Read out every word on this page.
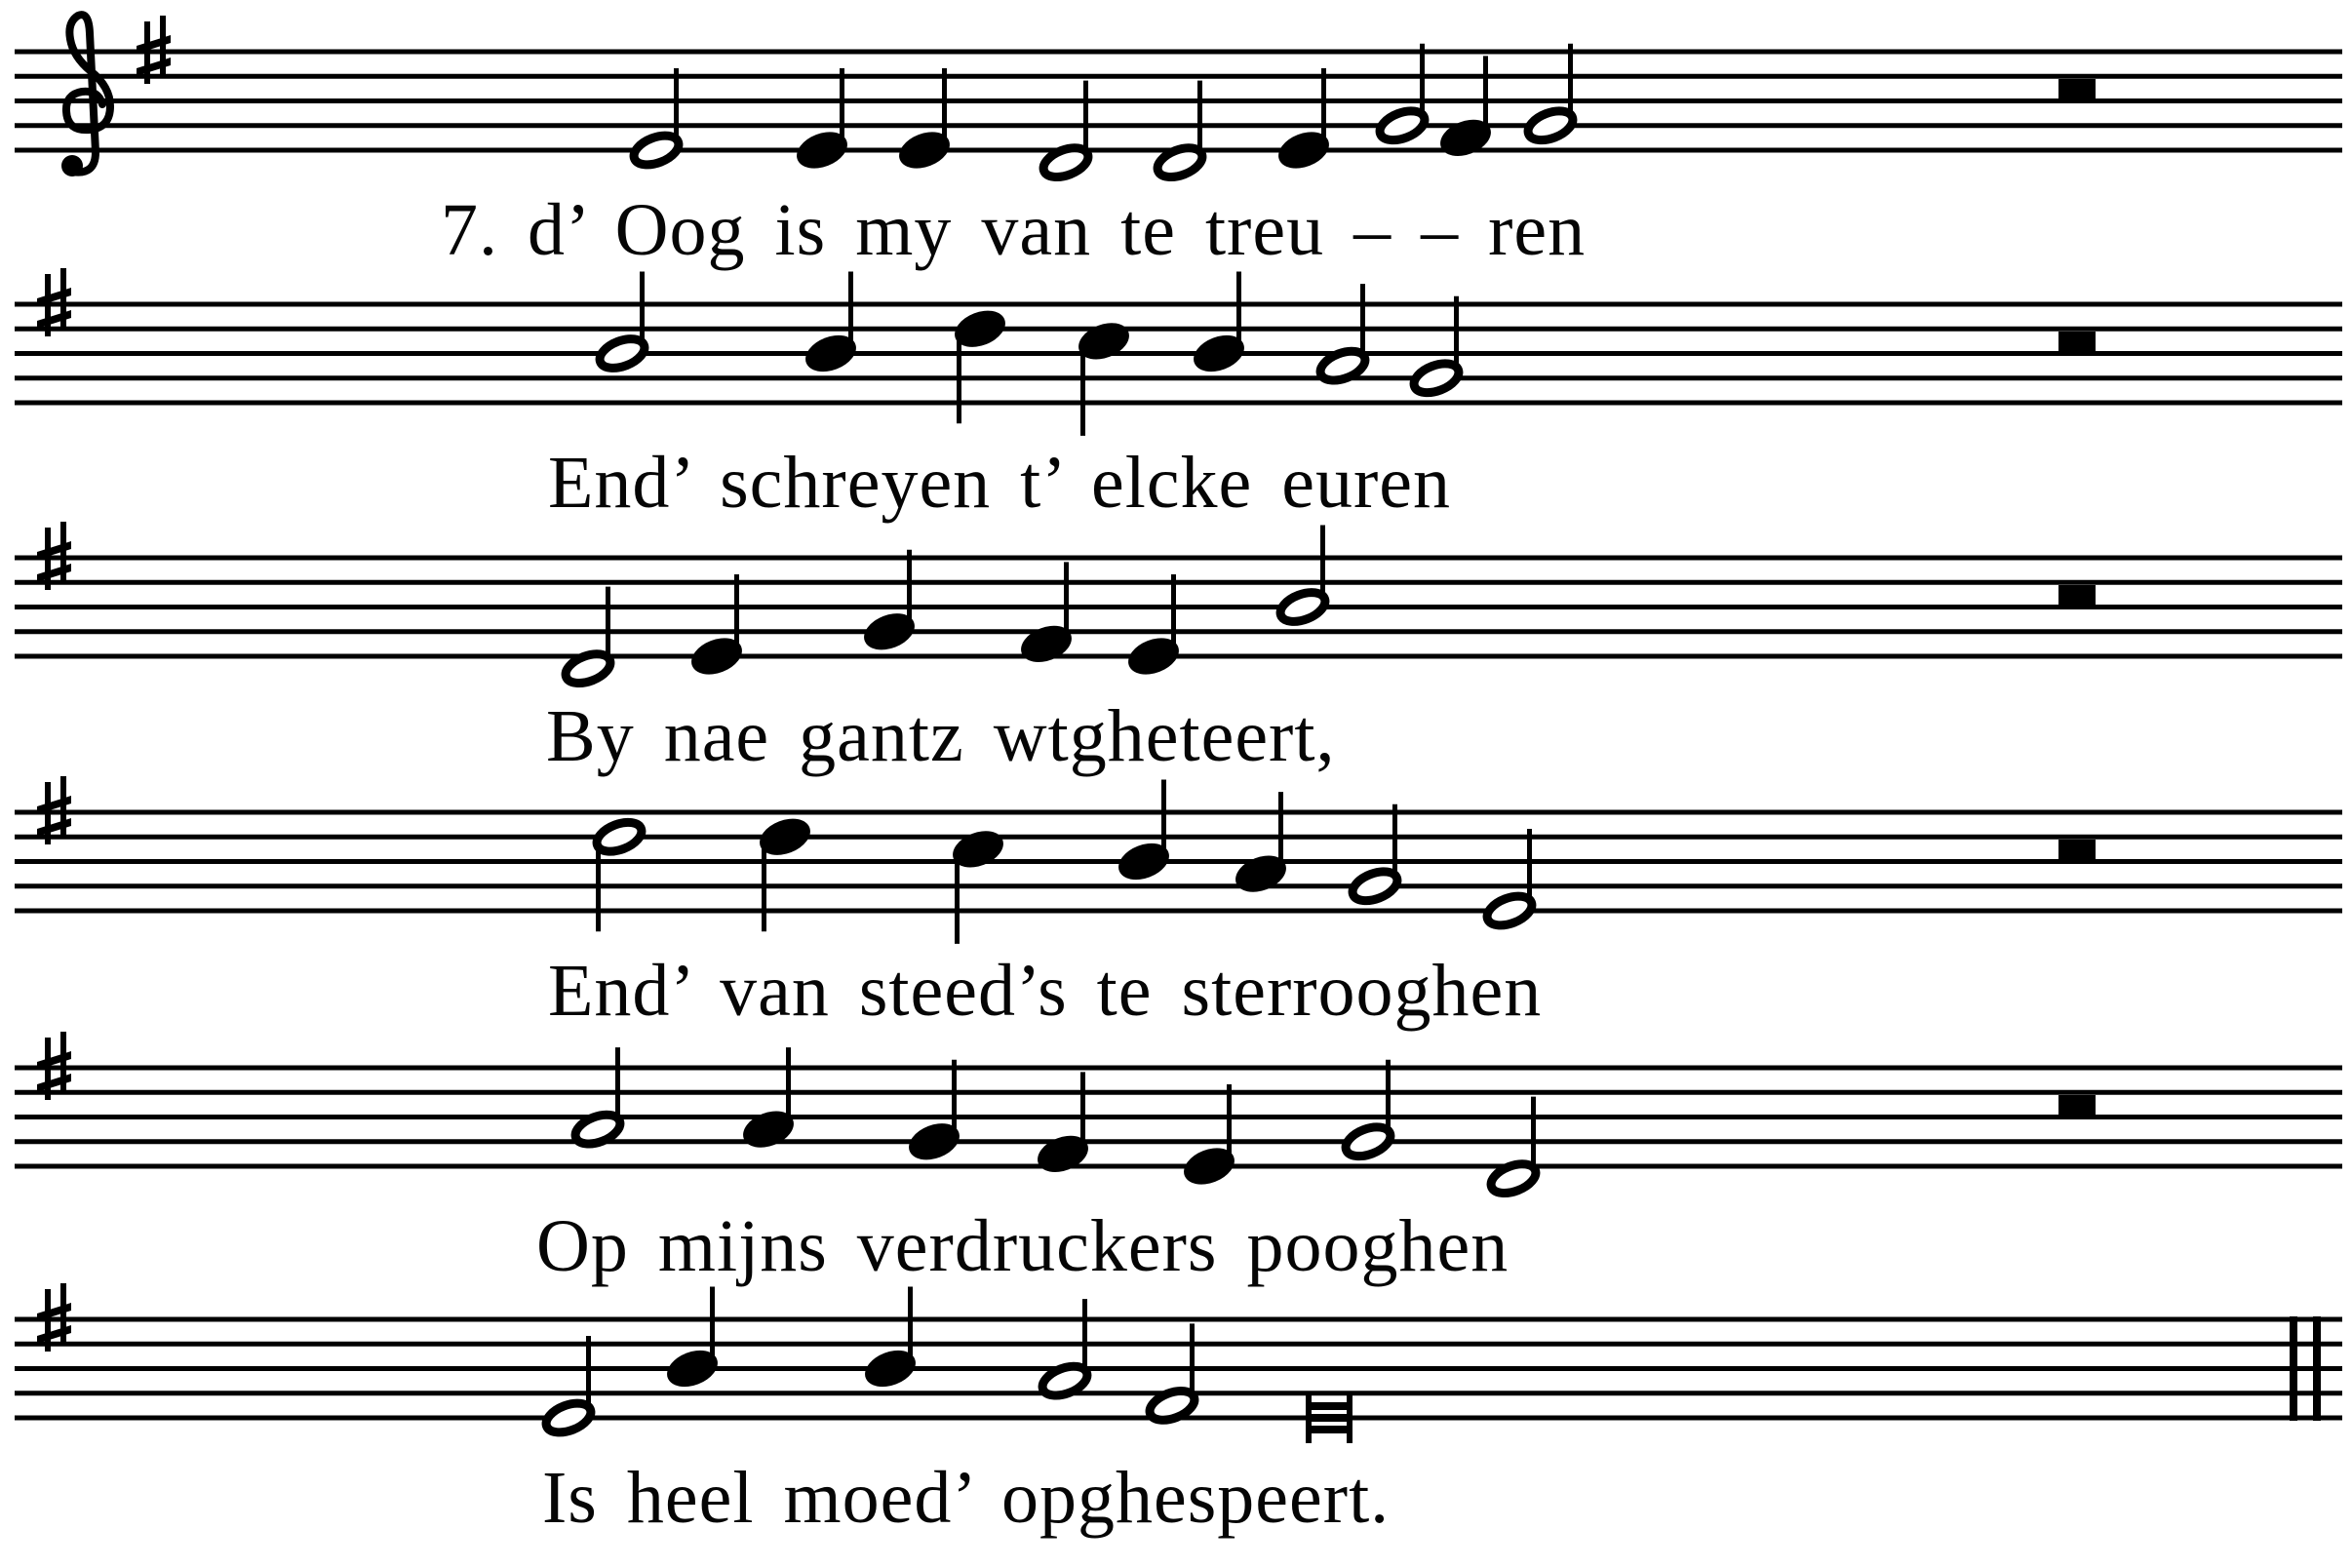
7. d’ Oog is my van te treu – – ren
End’ schreyen t’ elcke euren
By nae gantz wtgheteert,
End’ van steed’s te sterrooghen
Op mijns verdruckers pooghen
Is heel moed’ opghespeert.
